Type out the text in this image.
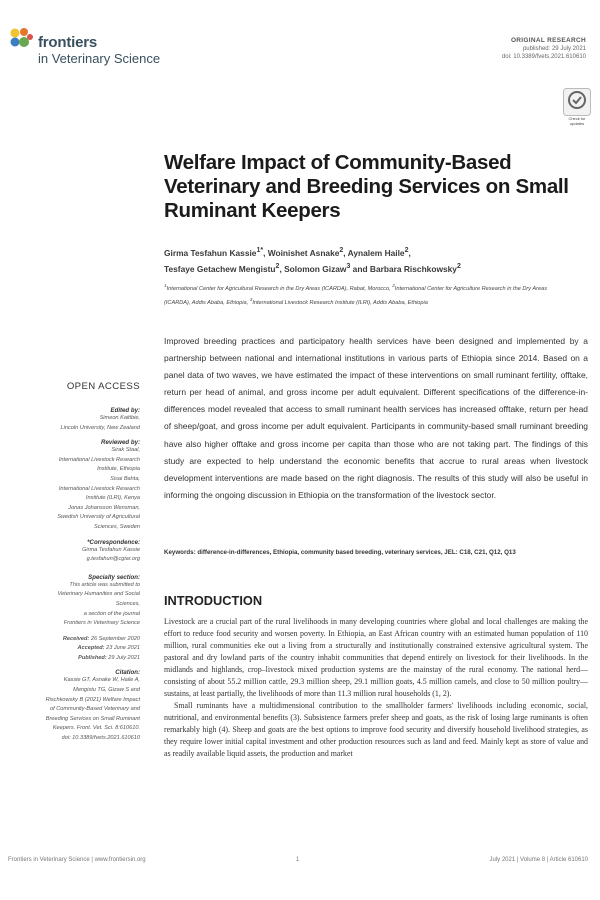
frontiers
in Veterinary Science
ORIGINAL RESEARCH
published: 29 July 2021
doi: 10.3389/fvets.2021.610610
Check for
updates
Welfare Impact of Community-Based Veterinary and Breeding Services on Small Ruminant Keepers
Girma Tesfahun Kassie$^{1*}$, Woinishet Asnake$^2$, Aynalem Haile$^2$,
Tesfaye Getachew Mengistu$^2$, Solomon Gizaw$^3$ and Barbara Rischkowsky$^2$
$^1$International Center for Agricultural Research in the Dry Areas (ICARDA), Rabat, Morocco, $^2$International Center for Agriculture Research in the Dry Areas (ICARDA), Addis Ababa, Ethiopia, $^3$International Livestock Research Institute (ILRI), Addis Ababa, Ethiopia
Improved breeding practices and participatory health services have been designed and implemented by a partnership between national and international institutions in various parts of Ethiopia since 2014. Based on a panel data of two waves, we have estimated the impact of these interventions on small ruminant fertility, offtake, return per head of animal, and gross income per adult equivalent. Different specifications of the difference-in-differences model revealed that access to small ruminant health services has increased offtake, return per head of sheep/goat, and gross income per adult equivalent. Participants in community-based small ruminant breeding have also higher offtake and gross income per capita than those who are not taking part. The findings of this study are expected to help understand the economic benefits that accrue to rural areas when livestock development interventions are made based on the right diagnosis. The results of this study will also be useful in informing the ongoing discussion in Ethiopia on the transformation of the livestock sector.
Keywords: difference-in-differences, Ethiopia, community based breeding, veterinary services, JEL: C18, C21, Q12, Q13
INTRODUCTION

Livestock are a crucial part of the rural livelihoods in many developing countries where global and local challenges are making the effort to reduce food security and worsen poverty. In Ethiopia, an East African country with an estimated human population of 110 million, rural communities eke out a living from a structurally and institutionally constrained extensive agricultural system. The pastoral and dry lowland parts of the country inhabit communities that depend entirely on livestock for their livelihoods. In the midlands and highlands, crop–livestock mixed production systems are the mainstay of the rural economy. The national herd—consisting of about 55.2 million cattle, 29.3 million sheep, 29.1 million goats, 4.5 million camels, and close to 50 million poultry—sustains, at least partially, the livelihoods of more than 11.3 million rural households (1, 2).

Small ruminants have a multidimensional contribution to the smallholder farmers' livelihoods including economic, social, nutritional, and environmental benefits (3). Subsistence farmers prefer sheep and goats, as the risk of losing large ruminants is often remarkably high (4). Sheep and goats are the best options to improve food security and diversify household livelihood strategies, as they require lower initial capital investment and other production resources such as land and feed. Mainly kept as store of value and as readily available liquid assets, the production and market

OPEN ACCESS
Edited by:
Simeon Kaitibie,
Lincoln University, New Zealand
Reviewed by:
Sirak Staal,
International Livestock Research
Institute, Ethiopia
Sisai Bahta,
International Livestock Research
Institute (ILRI), Kenya
Jonas Johansson Wensman,
Swedish University of Agricultural
Sciences, Sweden
*Correspondence:
Girma Tesfahun Kassie
g.tesfahun@cgiar.org
Specialty section:
This article was submitted to
Veterinary Humanities and Social
Sciences,
a section of the journal
Frontiers in Veterinary Science
Received: 26 September 2020
Accepted: 23 June 2021
Published: 29 July 2021
Citation:
Kassie GT, Asnake W, Haile A,
Mengistu TG, Gizaw S and
Rischkowsky B (2021) Welfare Impact
of Community-Based Veterinary and
Breeding Services on Small Ruminant
Keepers. Front. Vet. Sci. 8:610610.
doi: 10.3389/fvets.2021.610610
Frontiers in Veterinary Science | www.frontiersin.org	1	July 2021 | Volume 8 | Article 610610
